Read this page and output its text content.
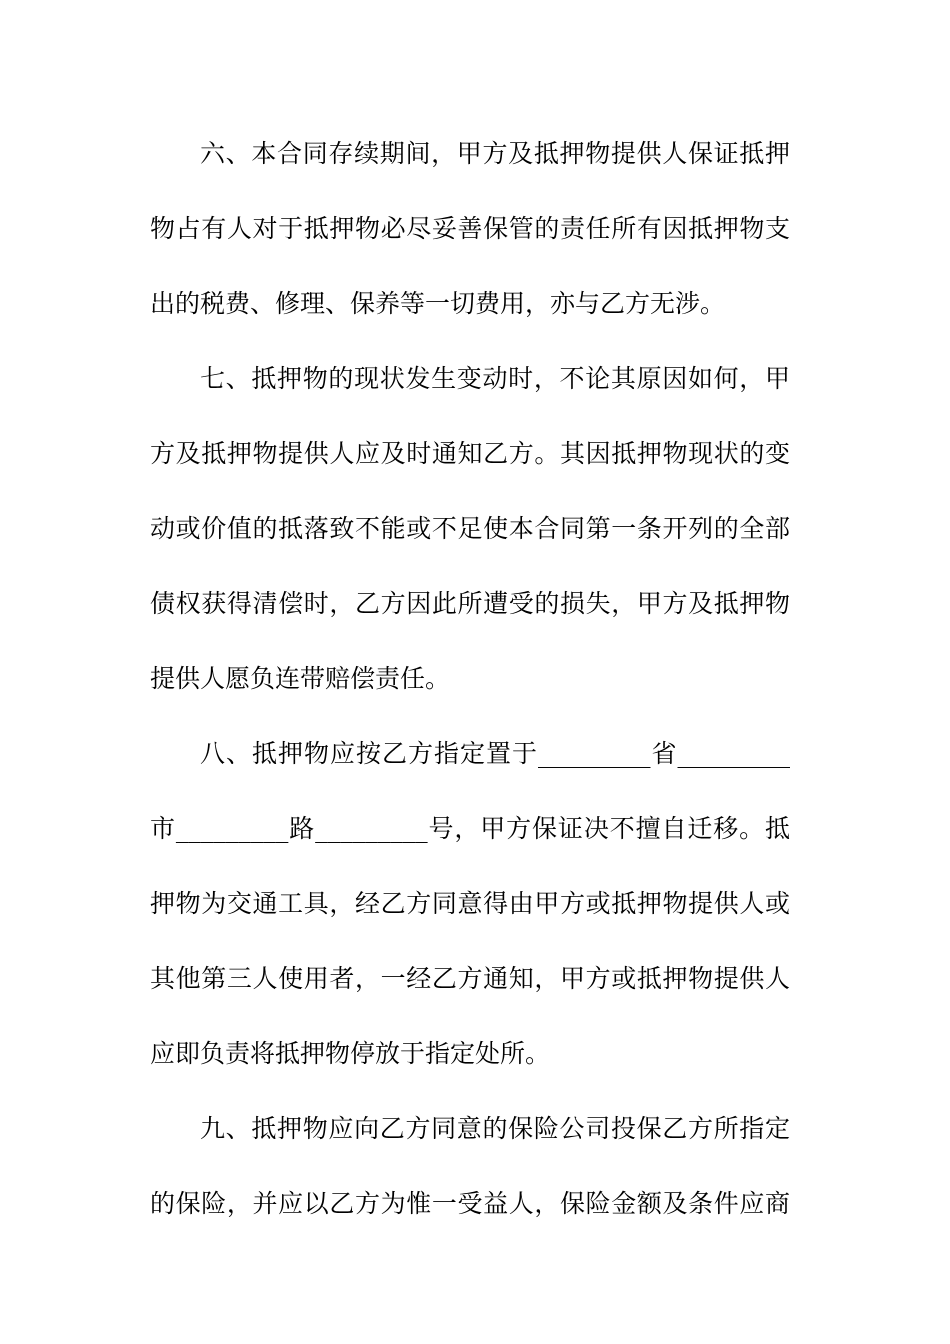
六、本合同存续期间，甲方及抵押物提供人保证抵押

物占有人对于抵押物必尽妥善保管的责任所有因抵押物支

出的税费、修理、保养等一切费用，亦与乙方无涉。

七、抵押物的现状发生变动时，不论其原因如何，甲

方及抵押物提供人应及时通知乙方。其因抵押物现状的变

动或价值的抵落致不能或不足使本合同第一条开列的全部

债权获得清偿时，乙方因此所遭受的损失，甲方及抵押物

提供人愿负连带赔偿责任。

八、抵押物应按乙方指定置于_________省_________

市_________路_________号，甲方保证决不擅自迁移。抵

押物为交通工具，经乙方同意得由甲方或抵押物提供人或

其他第三人使用者，一经乙方通知，甲方或抵押物提供人

应即负责将抵押物停放于指定处所。

九、抵押物应向乙方同意的保险公司投保乙方所指定

的保险，并应以乙方为惟一受益人，保险金额及条件应商
